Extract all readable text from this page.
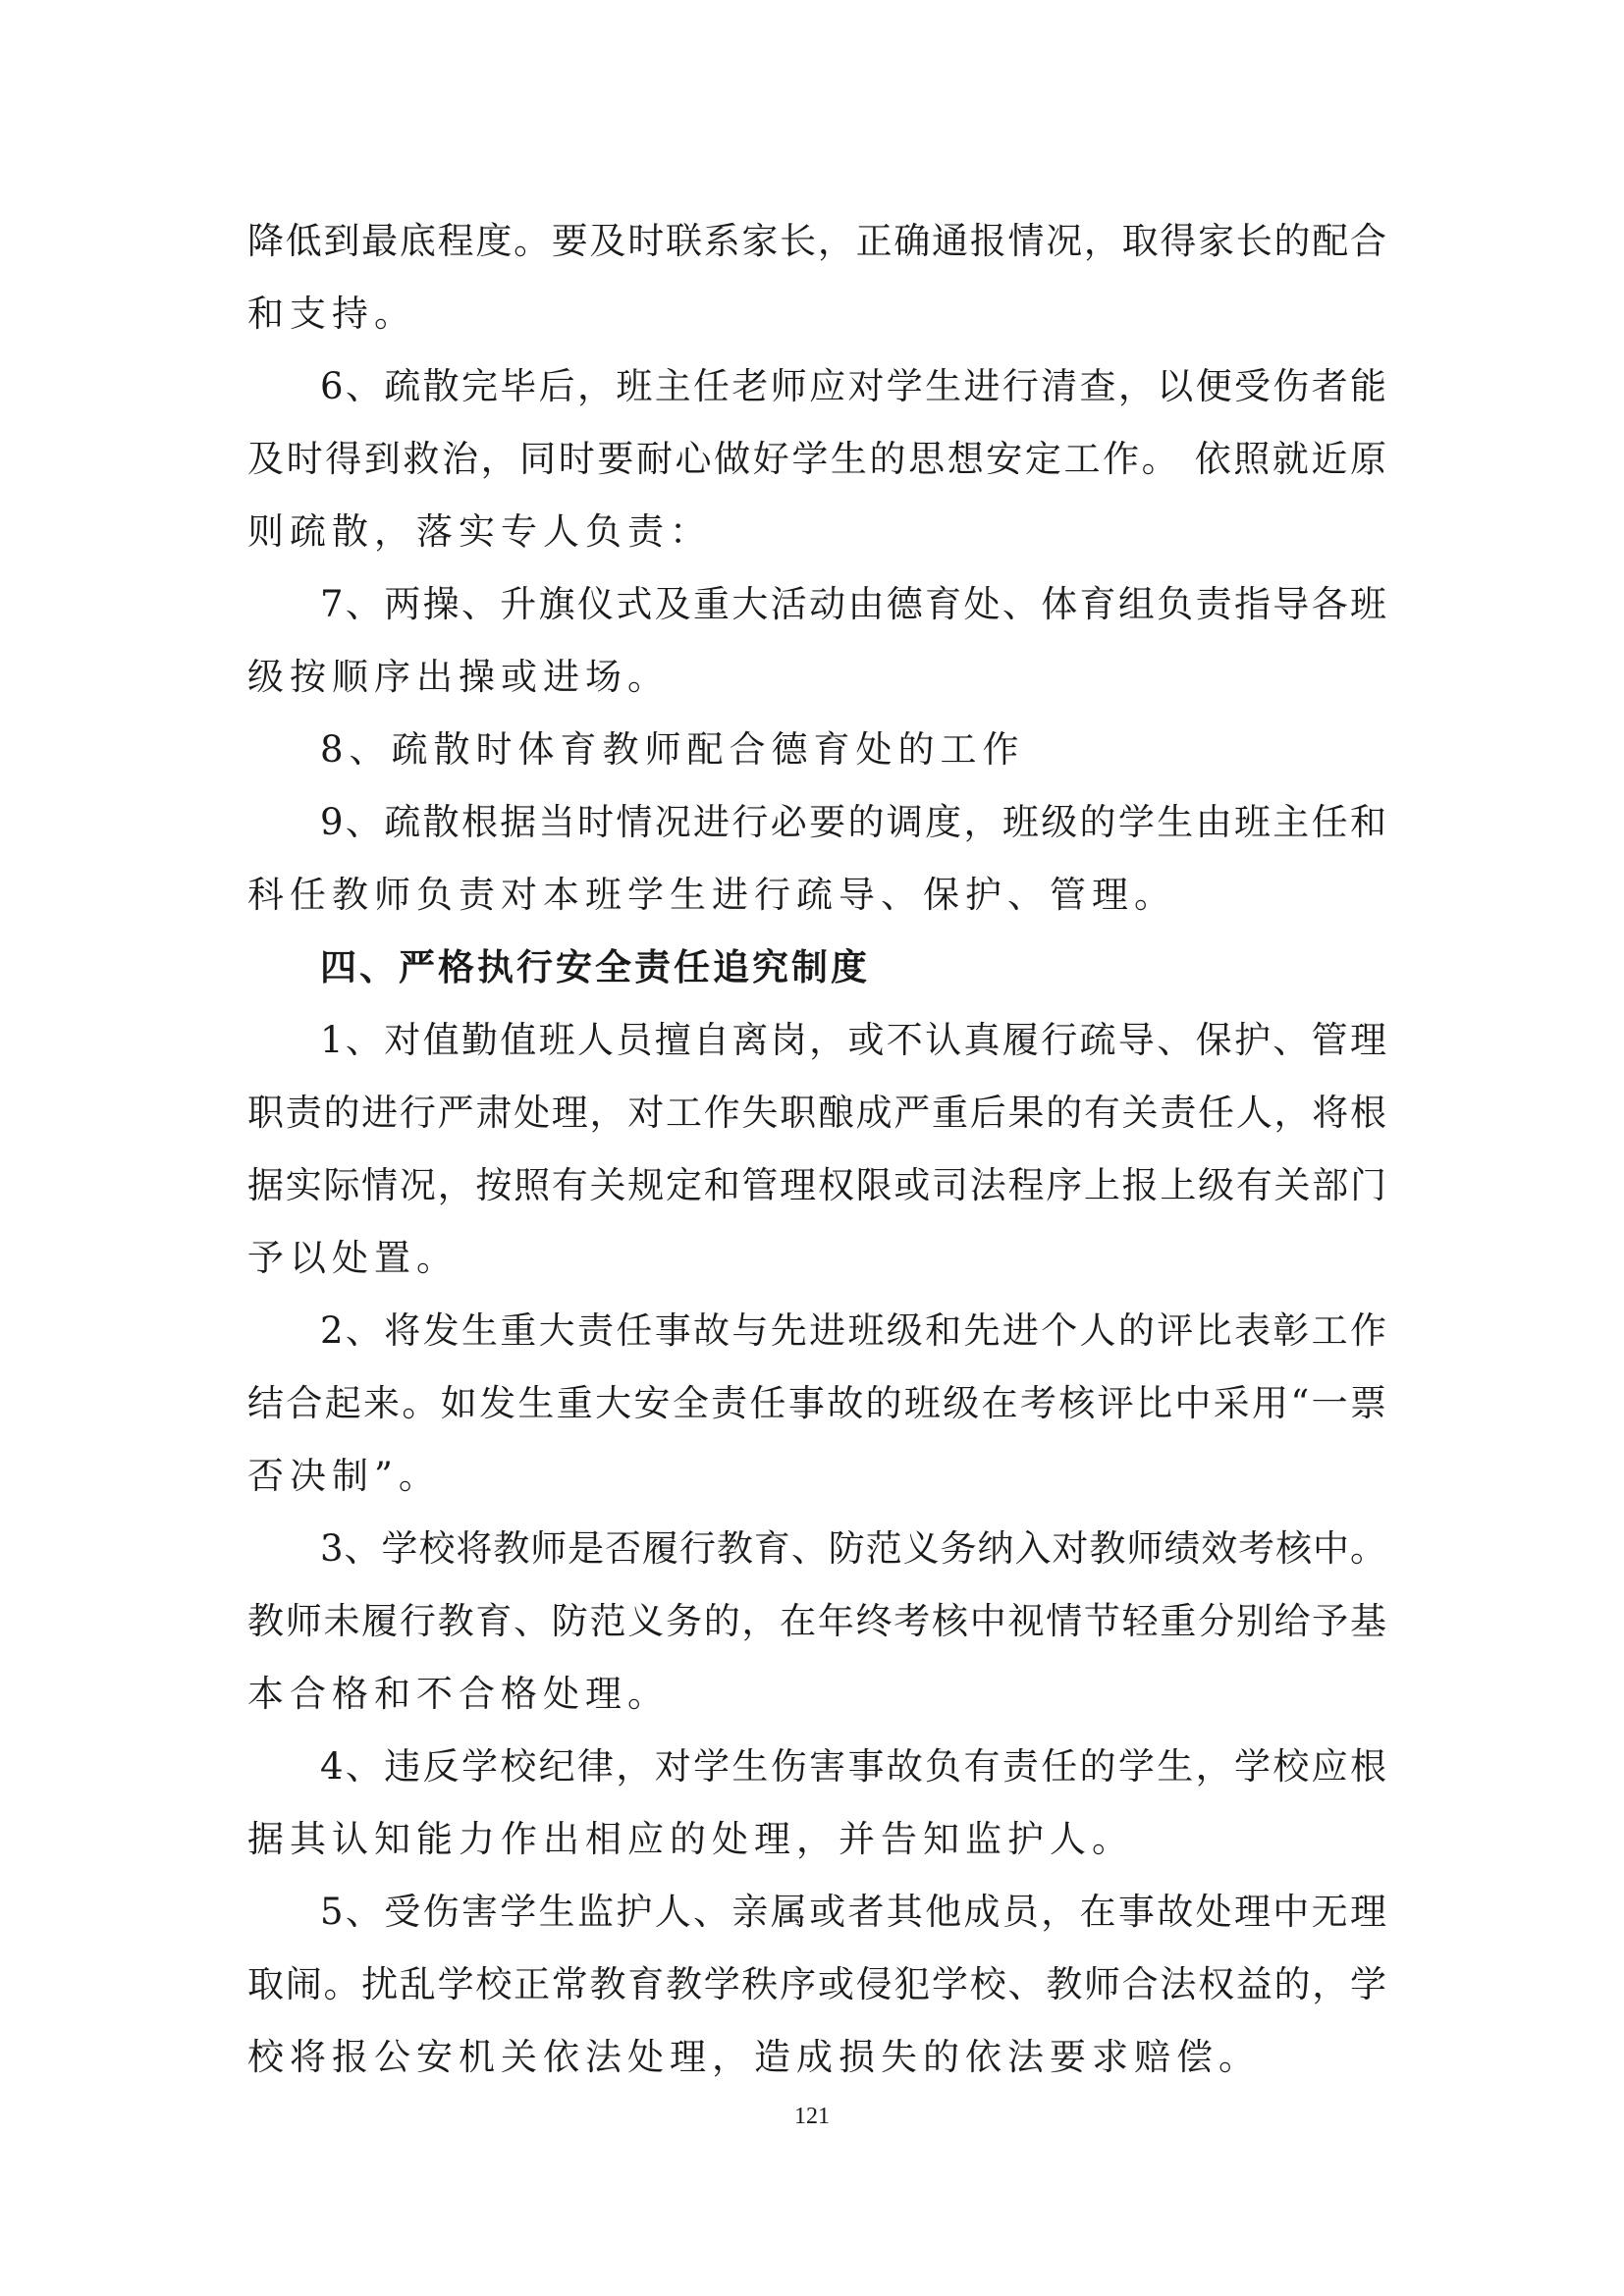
降低到最底程度。要及时联系家长，正确通报情况，取得家长的配合
和支持。
6、疏散完毕后，班主任老师应对学生进行清查，以便受伤者能
及时得到救治，同时要耐心做好学生的思想安定工作。 依照就近原
则疏散，落实专人负责：
7、两操、升旗仪式及重大活动由德育处、体育组负责指导各班
级按顺序出操或进场。
8、疏散时体育教师配合德育处的工作
9、疏散根据当时情况进行必要的调度，班级的学生由班主任和
科任教师负责对本班学生进行疏导、保护、管理。
四、严格执行安全责任追究制度
1、对值勤值班人员擅自离岗，或不认真履行疏导、保护、管理
职责的进行严肃处理，对工作失职酿成严重后果的有关责任人，将根
据实际情况，按照有关规定和管理权限或司法程序上报上级有关部门
予以处置。
2、将发生重大责任事故与先进班级和先进个人的评比表彰工作
结合起来。如发生重大安全责任事故的班级在考核评比中采用“一票
否决制”。
3、学校将教师是否履行教育、防范义务纳入对教师绩效考核中。
教师未履行教育、防范义务的，在年终考核中视情节轻重分别给予基
本合格和不合格处理。
4、违反学校纪律，对学生伤害事故负有责任的学生，学校应根
据其认知能力作出相应的处理，并告知监护人。
5、受伤害学生监护人、亲属或者其他成员，在事故处理中无理
取闹。扰乱学校正常教育教学秩序或侵犯学校、教师合法权益的，学
校将报公安机关依法处理，造成损失的依法要求赔偿。
121
